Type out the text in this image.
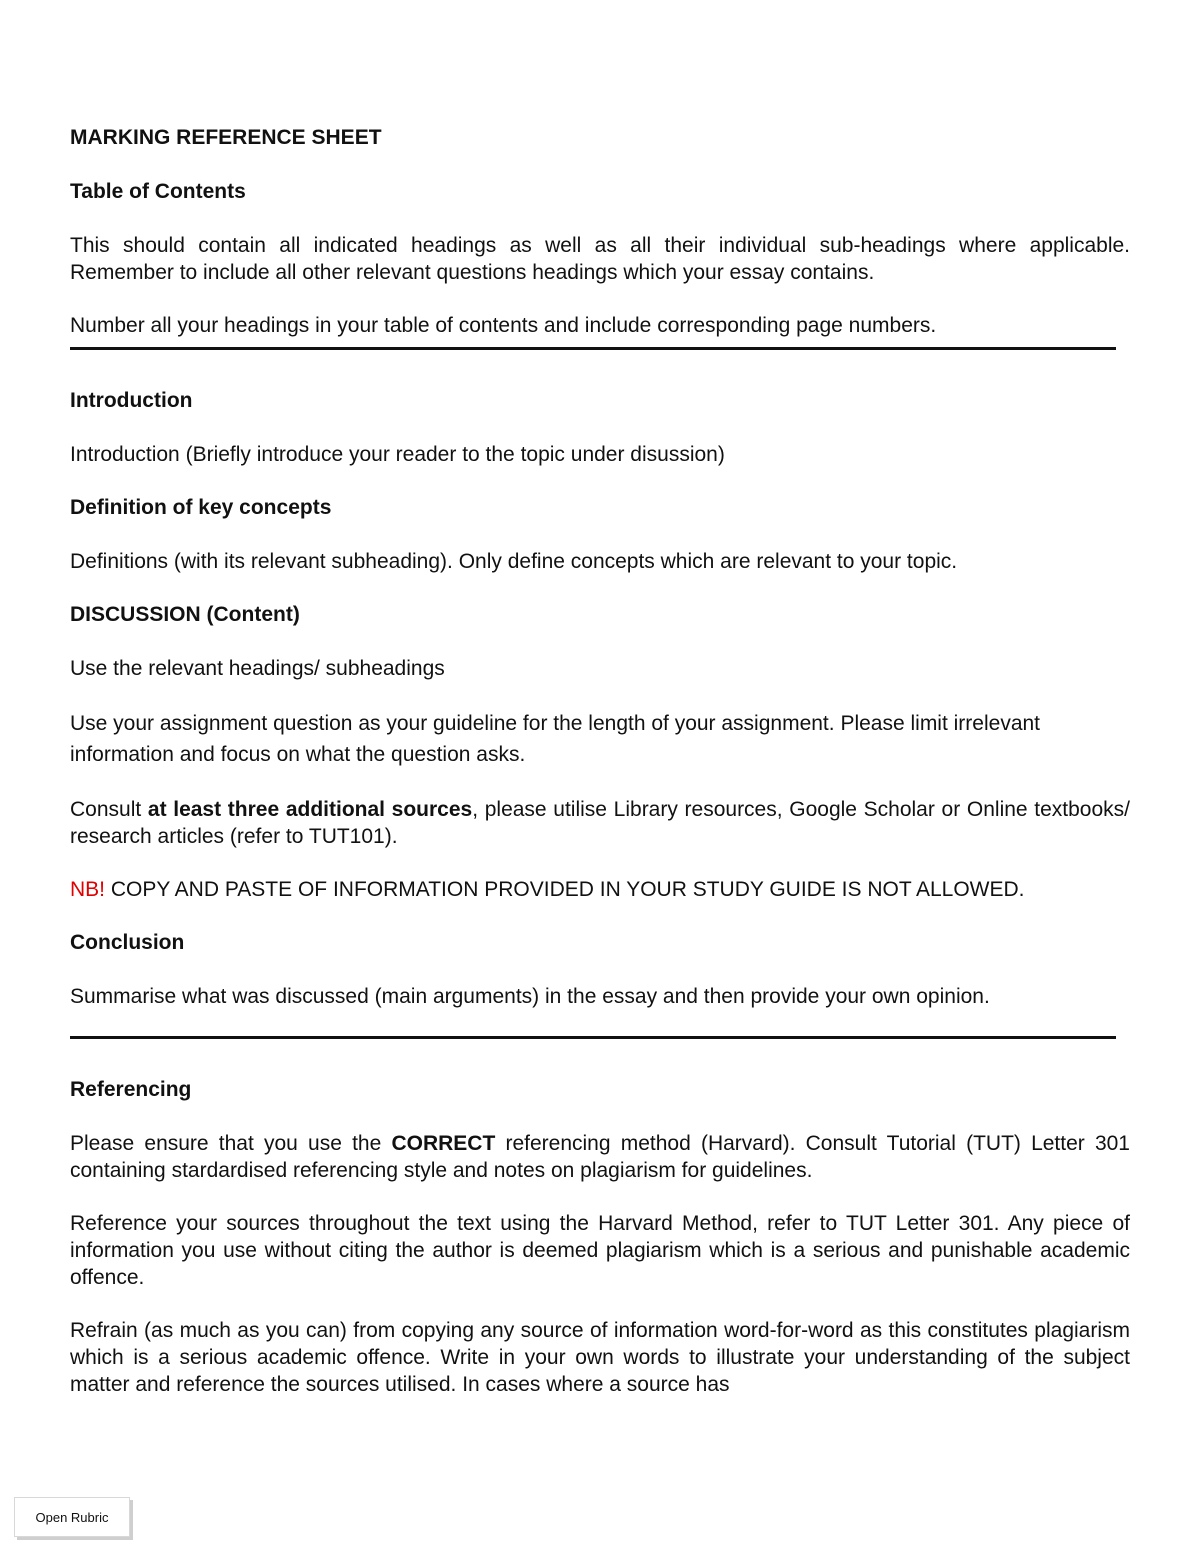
MARKING REFERENCE SHEET
Table of Contents
This should contain all indicated headings as well as all their individual sub-headings where applicable. Remember to include all other relevant questions headings which your essay contains.
Number all your headings in your table of contents and include corresponding page numbers.
Introduction
Introduction (Briefly introduce your reader to the topic under disussion)
Definition of key concepts
Definitions (with its relevant subheading). Only define concepts which are relevant to your topic.
DISCUSSION (Content)
Use the relevant headings/ subheadings
Use your assignment question as your guideline for the length of your assignment. Please limit irrelevant information and focus on what the question asks.
Consult at least three additional sources, please utilise Library resources, Google Scholar or Online textbooks/ research articles (refer to TUT101).
NB! COPY AND PASTE OF INFORMATION PROVIDED IN YOUR STUDY GUIDE IS NOT ALLOWED.
Conclusion
Summarise what was discussed (main arguments) in the essay and then provide your own opinion.
Referencing
Please ensure that you use the CORRECT referencing method (Harvard). Consult Tutorial (TUT) Letter 301 containing stardardised referencing style and notes on plagiarism for guidelines.
Reference your sources throughout the text using the Harvard Method, refer to TUT Letter 301. Any piece of information you use without citing the author is deemed plagiarism which is a serious and punishable academic offence.
Refrain (as much as you can) from copying any source of information word-for-word as this constitutes plagiarism which is a serious academic offence. Write in your own words to illustrate your understanding of the subject matter and reference the sources utilised. In cases where a source has
Open Rubric
